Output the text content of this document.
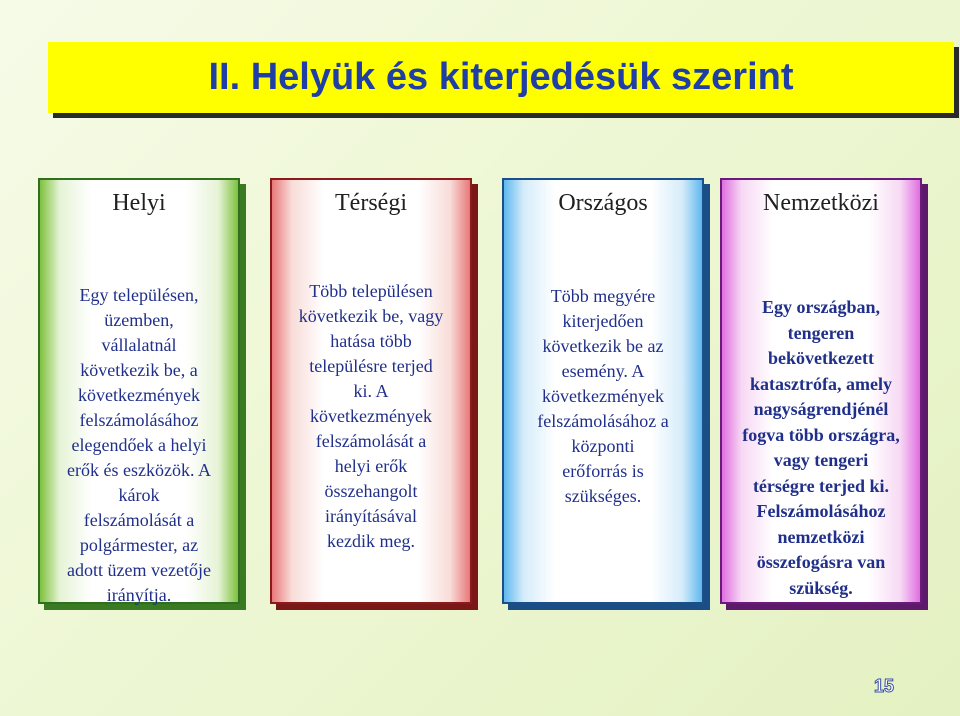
II. Helyük és kiterjedésük szerint
Helyi
Egy településen,
üzemben,
vállalatnál
következik be, a
következmények
felszámolásához
elegendőek a helyi
erők és eszközök. A
károk
felszámolását a
polgármester, az
adott üzem vezetője
irányítja.
Térségi
Több településen
következik be, vagy
hatása több
településre terjed
ki. A
következmények
felszámolását a
helyi erők
összehangolt
irányításával
kezdik meg.
Országos
Több megyére
kiterjedően
következik be az
esemény. A
következmények
felszámolásához a
központi
erőforrás is
szükséges.
Nemzetközi
Egy országban,
tengeren
bekövetkezett
katasztrófa, amely
nagyságrendjénél
fogva több országra,
vagy tengeri
térségre terjed ki.
Felszámolásához
nemzetközi
összefogásra van
szükség.
15
